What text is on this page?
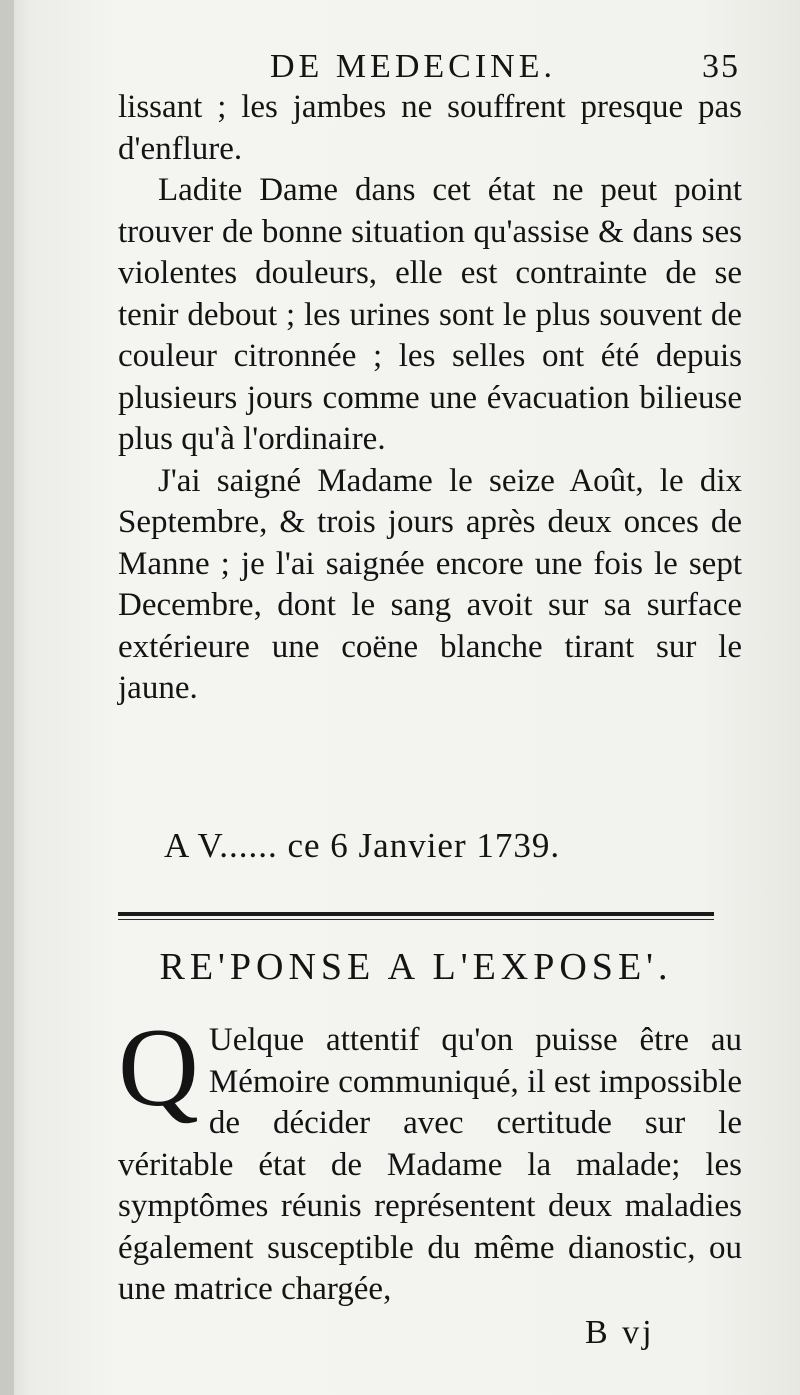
DE MEDECINE.	35

lissant ; les jambes ne souffrent presque pas d'enflure.

Ladite Dame dans cet état ne peut point trouver de bonne situation qu'assise & dans ses violentes douleurs, elle est contrainte de se tenir debout ; les urines sont le plus souvent de couleur citronnée ; les selles ont été depuis plusieurs jours comme une évacuation bilieuse plus qu'à l'ordinaire.

J'ai saigné Madame le seize Août, le dix Septembre, & trois jours après deux onces de Manne ; je l'ai saignée encore une fois le sept Decembre, dont le sang avoit sur sa surface extérieure une coëne blanche tirant sur le jaune.

A V...... ce 6 Janvier 1739.
RE'PONSE A L'EXPOSE'.

Q Uelque attentif qu'on puisse être au Mémoire communiqué, il est impossible de décider avec certitude sur le véritable état de Madame la malade; les symptômes réunis représentent deux maladies également susceptible du même dianostic, ou une matrice chargée,

B vj
